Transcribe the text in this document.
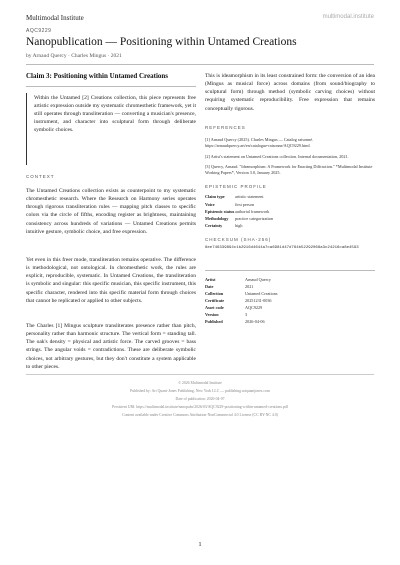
Multimodal Institute	multimodal.institute
AQC9229
Nanopublication — Positioning within Untamed Creations
by Arnaud Quercy · Charles Mingus · 2021
Claim 3: Positioning within Untamed Creations
Within the Untamed [2] Creations collection, this piece represents free artistic expression outside my systematic chromesthetic framework, yet it still operates through transliteration — converting a musician's presence, instrument, and character into sculptural form through deliberate symbolic choices.
CONTEXT

The Untamed Creations collection exists as counterpoint to my systematic chromesthetic research. Where the Research on Harmony series operates through rigorous transliteration rules — mapping pitch classes to specific colors via the circle of fifths, encoding register as brightness, maintaining consistency across hundreds of variations — Untamed Creations permits intuitive gesture, symbolic choice, and free expression.

Yet even in this freer mode, transliteration remains operative. The difference is methodological, not ontological. In chromesthetic work, the rules are explicit, reproducible, systematic. In Untamed Creations, the transliteration is symbolic and singular: this specific musician, this specific instrument, this specific character, rendered into this specific material form through choices that cannot be replicated or applied to other subjects.

The Charles [1] Mingus sculpture transliterates presence rather than pitch, personality rather than harmonic structure. The vertical form = standing tall. The oak's density = physical and artistic force. The carved grooves = bass strings. The angular voids = contradictions. These are deliberate symbolic choices, not arbitrary gestures, but they don't constitute a system applicable to other pieces.

This is ideamorphism in its least constrained form: the conversion of an idea (Mingus as musical force) across domains (from sound/biography to sculptural form) through method (symbolic carving choices) without requiring systematic reproducibility. Free expression that remains conceptually rigorous.

REFERENCES
[1] Arnaud Quercy (2025). Charles Mingus — Catalog raisonné. https://arnaudquercy.art/en/catalogue-raisonne/AQC9229.html
[2] Artist's statement on Untamed Creations collection. Internal documentation, 2021.
[3] Quercy, Arnaud. "Ideamorphism: A Framework for Enacting Diffraction." *Multimodal Institute Working Papers*, Version 3.0, January 2025.
EPISTEMIC PROFILE
Claim type	artistic statement
Voice	first person
Epistemic status	authorial framework
Methodology	practice categorization
Certainty	high
CHECKSUM (SHA-256)
8ee746339894c1b2916d4644a7ca6981d47d764b52292068a3c24216ca8e4593
Artist	Arnaud Quercy
Date	2021
Collection	Untamed Creations
Certificate	20251231-0036
Asset code	AQC9229
Version	3
Published	2026-04-06
© 2026 Multimodal Institute
Published by: Art Quant-Jones Publishing, New York LLC — publishing.artquantjones.com
Date of publication: 2026-04-07
Persistent URI: https://multimodal.institute/nanopubs/2026/03/AQC9229-positioning-within-untamed-creations.pdf
Content available under Creative Commons Attribution-NonCommercial 4.0 License (CC BY-NC 4.0)
1
